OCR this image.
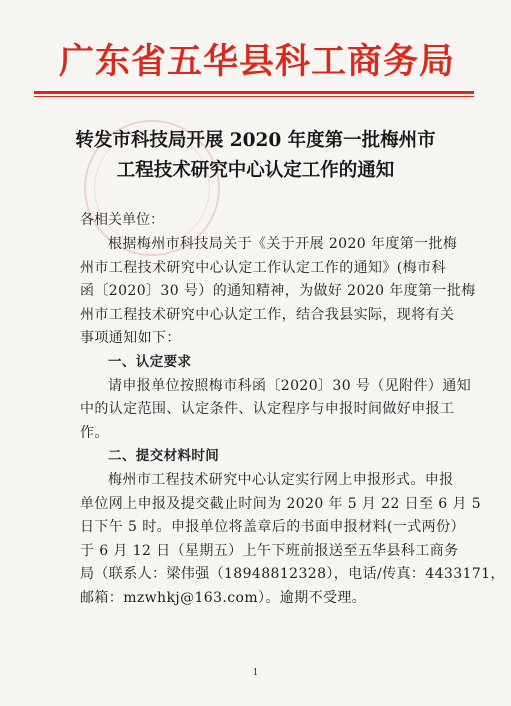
广东省五华县科工商务局
转发市科技局开展 2020 年度第一批梅州市
工程技术研究中心认定工作的通知
各相关单位：
根据梅州市科技局关于《关于开展 2020 年度第一批梅
州市工程技术研究中心认定工作认定工作的通知》(梅市科
函〔2020〕30 号）的通知精神，为做好 2020 年度第一批梅
州市工程技术研究中心认定工作，结合我县实际，现将有关
事项通知如下：
一、认定要求
请申报单位按照梅市科函〔2020〕30 号（见附件）通知
中的认定范围、认定条件、认定程序与申报时间做好申报工
作。
二、提交材料时间
梅州市工程技术研究中心认定实行网上申报形式。申报
单位网上申报及提交截止时间为 2020 年 5 月 22 日至 6 月 5
日下午 5 时。申报单位将盖章后的书面申报材料(一式两份）
于 6 月 12 日（星期五）上午下班前报送至五华县科工商务
局（联系人：梁伟强（18948812328），电话/传真：4433171，
邮箱：mzwhkj@163.com）。逾期不受理。
1
